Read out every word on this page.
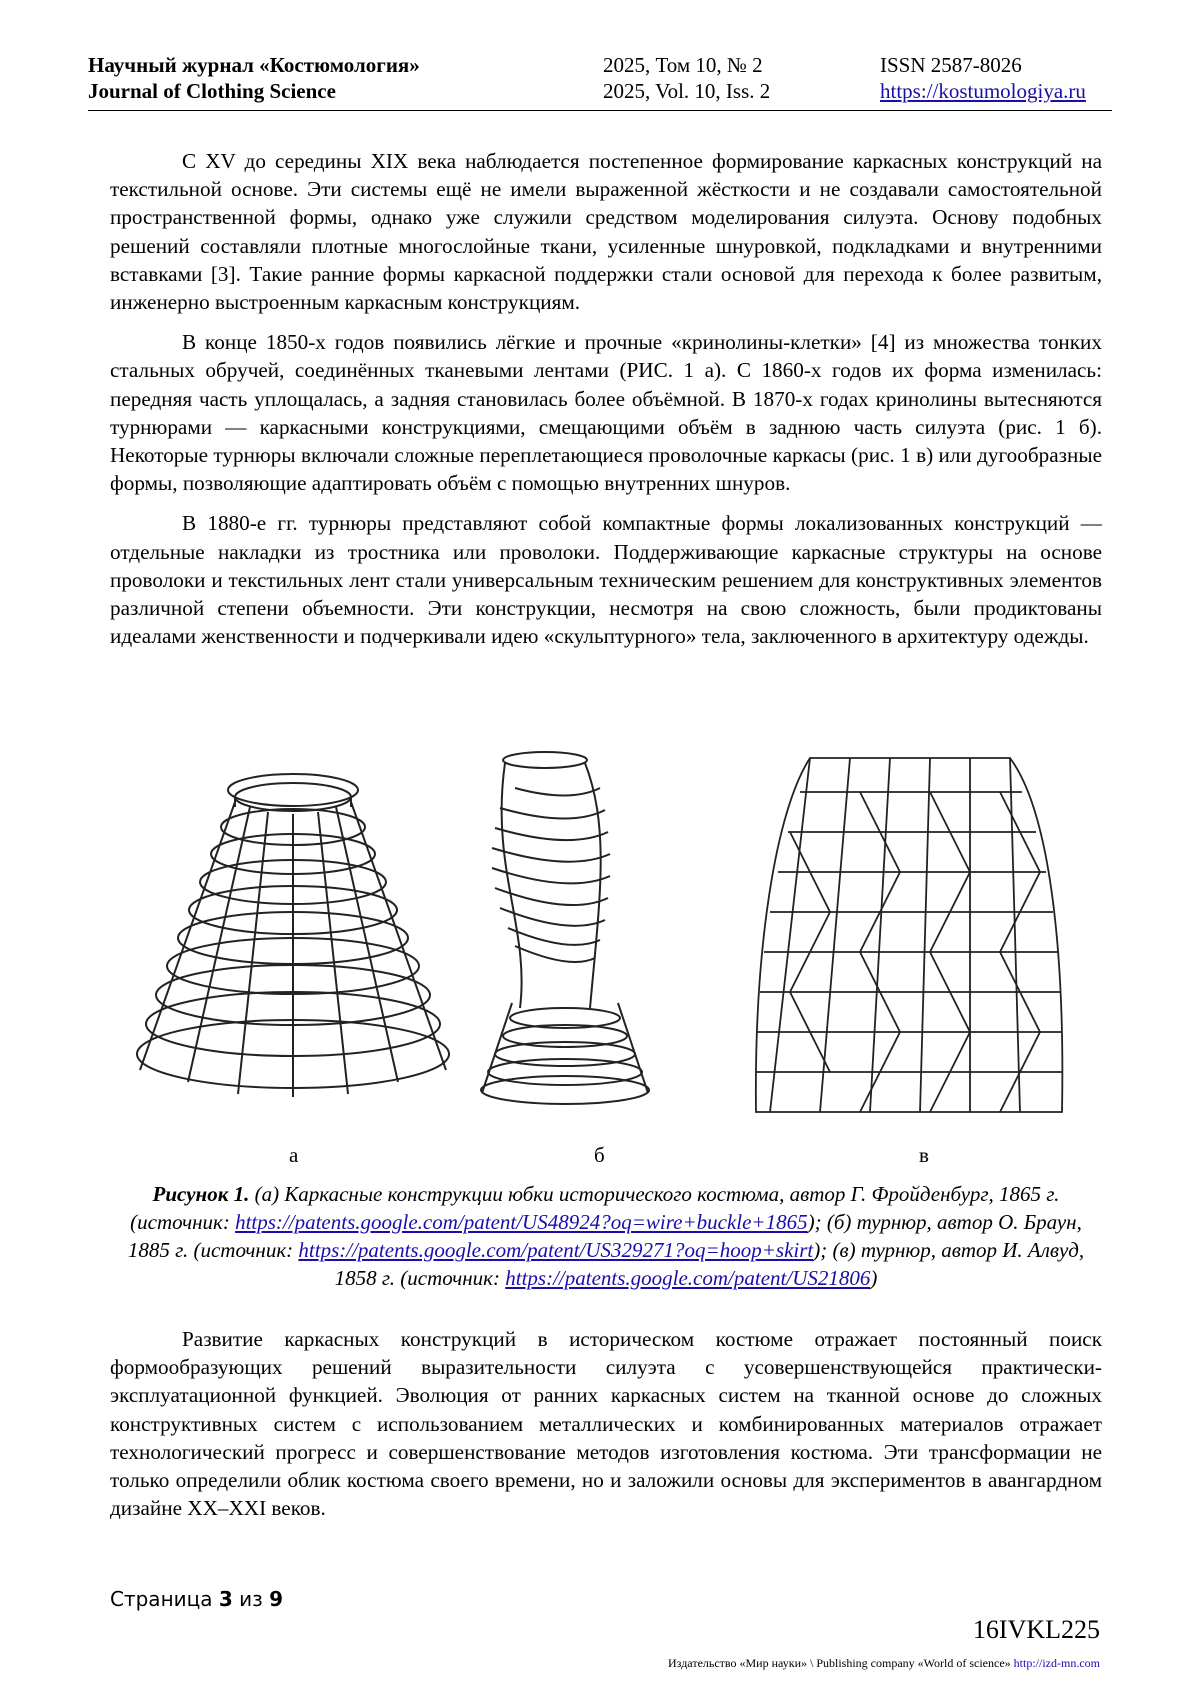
Научный журнал «Костюмология»
Journal of Clothing Science
2025, Том 10, № 2
2025, Vol. 10, Iss. 2
ISSN 2587-8026
https://kostumologiya.ru

С XV до середины XIX века наблюдается постепенное формирование каркасных конструкций на текстильной основе. Эти системы ещё не имели выраженной жёсткости и не создавали самостоятельной пространственной формы, однако уже служили средством моделирования силуэта. Основу подобных решений составляли плотные многослойные ткани, усиленные шнуровкой, подкладками и внутренними вставками [3]. Такие ранние формы каркасной поддержки стали основой для перехода к более развитым, инженерно выстроенным каркасным конструкциям.

В конце 1850-х годов появились лёгкие и прочные «кринолины-клетки» [4] из множества тонких стальных обручей, соединённых тканевыми лентами (РИС. 1 а). С 1860-х годов их форма изменилась: передняя часть уплощалась, а задняя становилась более объёмной. В 1870-х годах кринолины вытесняются турнюрами — каркасными конструкциями, смещающими объём в заднюю часть силуэта (рис. 1 б). Некоторые турнюры включали сложные переплетающиеся проволочные каркасы (рис. 1 в) или дугообразные формы, позволяющие адаптировать объём с помощью внутренних шнуров.

В 1880-е гг. турнюры представляют собой компактные формы локализованных конструкций — отдельные накладки из тростника или проволоки. Поддерживающие каркасные структуры на основе проволоки и текстильных лент стали универсальным техническим решением для конструктивных элементов различной степени объемности. Эти конструкции, несмотря на свою сложность, были продиктованы идеалами женственности и подчеркивали идею «скульптурного» тела, заключенного в архитектуру одежды.

а	б	в
Рисунок 1. (а) Каркасные конструкции юбки исторического костюма, автор Г. Фройденбург, 1865 г. (источник: https://patents.google.com/patent/US48924?oq=wire+buckle+1865); (б) турнюр, автор О. Браун, 1885 г. (источник: https://patents.google.com/patent/US329271?oq=hoop+skirt); (в) турнюр, автор И. Алвуд, 1858 г. (источник: https://patents.google.com/patent/US21806)

Развитие каркасных конструкций в историческом костюме отражает постоянный поиск формообразующих решений выразительности силуэта с усовершенствующейся практически-эксплуатационной функцией. Эволюция от ранних каркасных систем на тканной основе до сложных конструктивных систем с использованием металлических и комбинированных материалов отражает технологический прогресс и совершенствование методов изготовления костюма. Эти трансформации не только определили облик костюма своего времени, но и заложили основы для экспериментов в авангардном дизайне XX–XXI веков.

Страница 3 из 9
16IVKL225
Издательство «Мир науки» \ Publishing company «World of science» http://izd-mn.com
